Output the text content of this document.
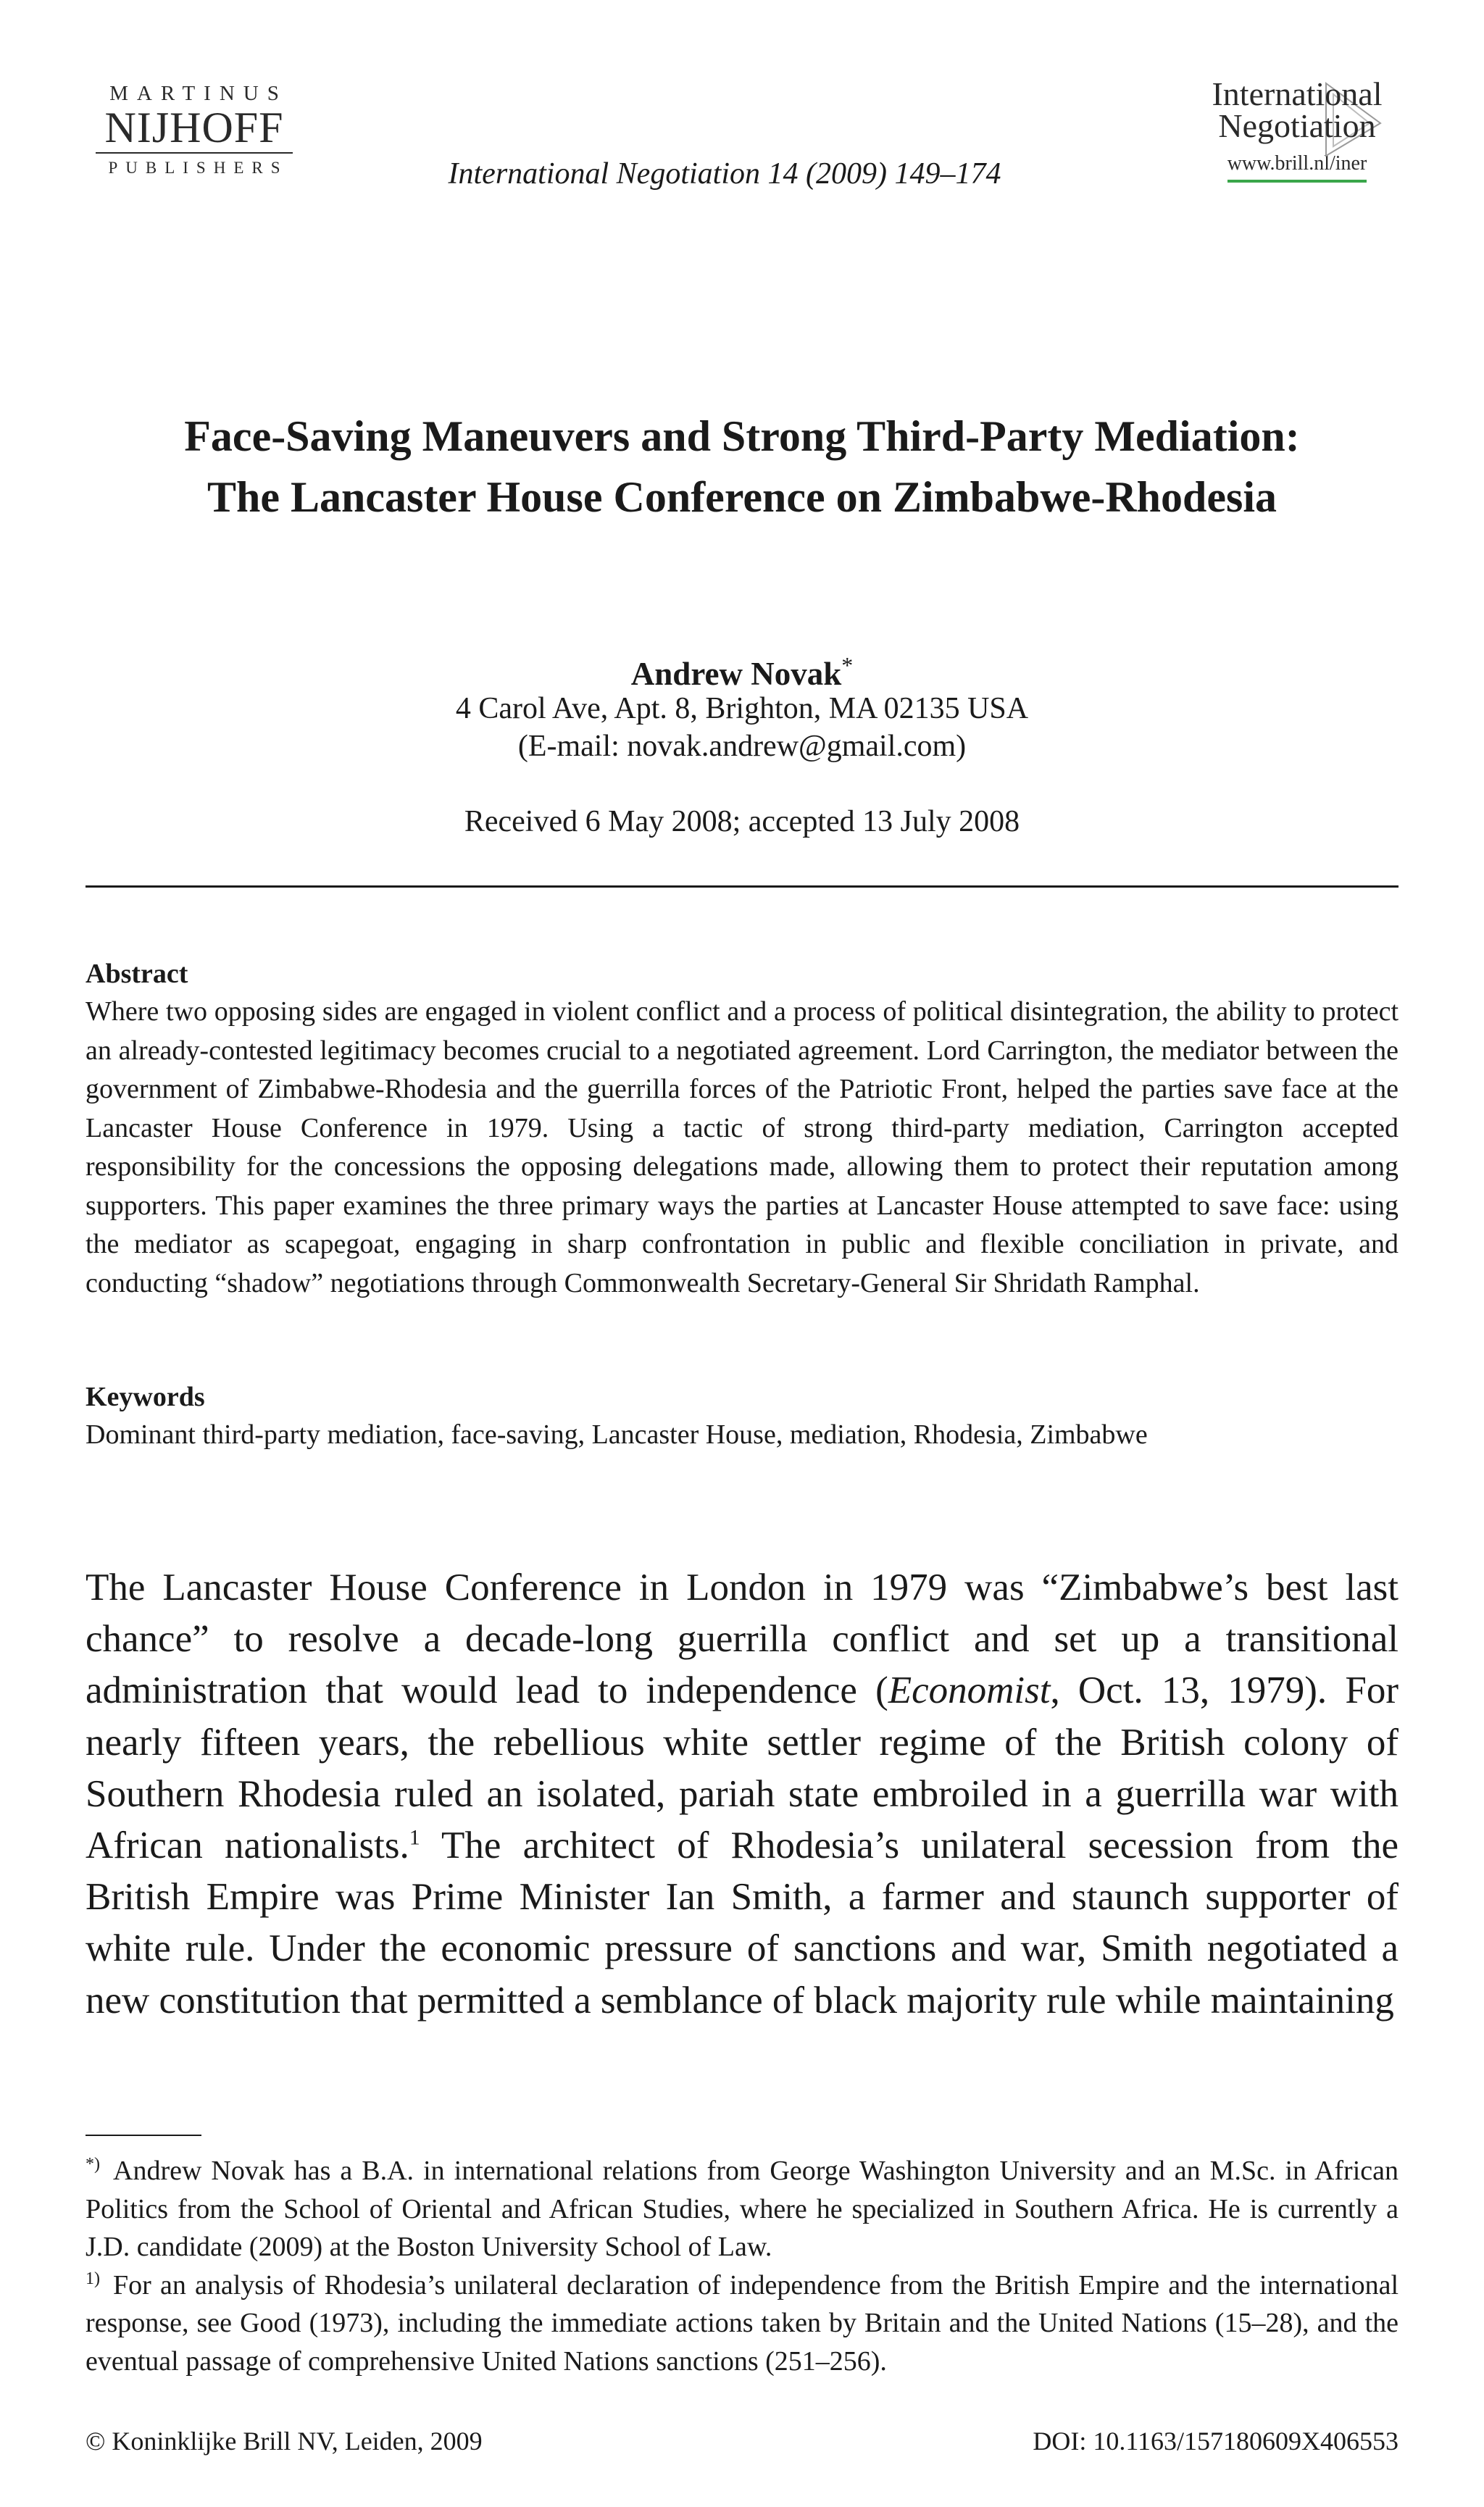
MARTINUS
NIJHOFF
PUBLISHERS	International Negotiation 14 (2009) 149–174
International
Negotiation
www.brill.nl/iner
Face-Saving Maneuvers and Strong Third-Party Mediation:
The Lancaster House Conference on Zimbabwe-Rhodesia
Andrew Novak*
4 Carol Ave, Apt. 8, Brighton, MA 02135 USA
(E-mail: novak.andrew@gmail.com)
Received 6 May 2008; accepted 13 July 2008
Abstract
Where two opposing sides are engaged in violent conflict and a process of political disintegration, the ability to protect an already-contested legitimacy becomes crucial to a negotiated agreement. Lord Carrington, the mediator between the government of Zimbabwe-Rhodesia and the guerrilla forces of the Patriotic Front, helped the parties save face at the Lancaster House Conference in 1979. Using a tactic of strong third-party mediation, Carrington accepted responsibility for the concessions the opposing delegations made, allowing them to protect their reputation among supporters. This paper examines the three primary ways the parties at Lancaster House attempted to save face: using the mediator as scapegoat, engaging in sharp confrontation in public and flexible conciliation in private, and conducting “shadow” negotiations through Commonwealth Secretary-General Sir Shridath Ramphal.
Keywords
Dominant third-party mediation, face-saving, Lancaster House, mediation, Rhodesia, Zimbabwe

The Lancaster House Conference in London in 1979 was “Zimbabwe’s best last chance” to resolve a decade-long guerrilla conflict and set up a transitional administration that would lead to independence (Economist, Oct. 13, 1979). For nearly fifteen years, the rebellious white settler regime of the British colony of Southern Rhodesia ruled an isolated, pariah state embroiled in a guerrilla war with African nationalists.$^1$ The architect of Rhodesia’s unilateral secession from the British Empire was Prime Minister Ian Smith, a farmer and staunch supporter of white rule. Under the economic pressure of sanctions and war, Smith negotiated a new constitution that permitted a semblance of black majority rule while maintaining

*) Andrew Novak has a B.A. in international relations from George Washington University and an M.Sc. in African Politics from the School of Oriental and African Studies, where he specialized in Southern Africa. He is currently a J.D. candidate (2009) at the Boston University School of Law.

$^{1)}$ For an analysis of Rhodesia’s unilateral declaration of independence from the British Empire and the international response, see Good (1973), including the immediate actions taken by Britain and the United Nations (15–28), and the eventual passage of comprehensive United Nations sanctions (251–256).

© Koninklijke Brill NV, Leiden, 2009	DOI: 10.1163/157180609X406553
